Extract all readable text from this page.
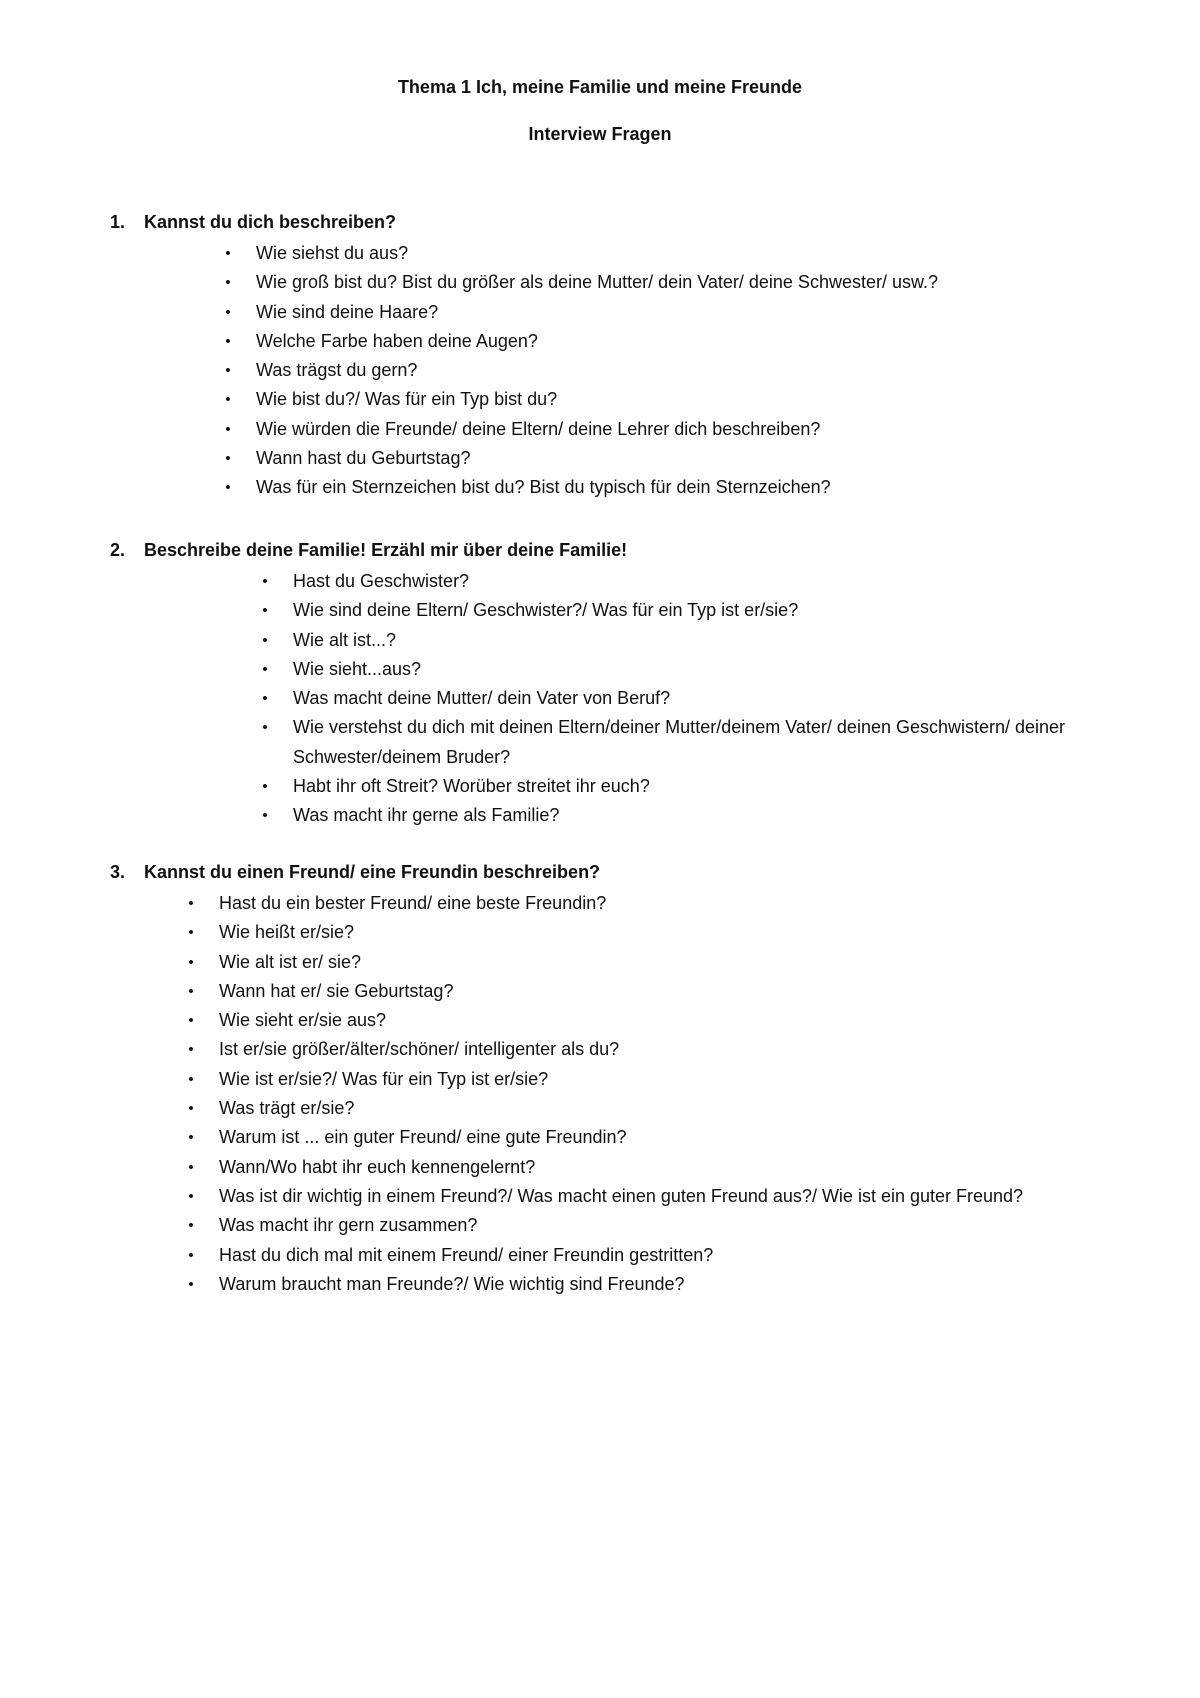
Thema 1 Ich, meine Familie und meine Freunde
Interview Fragen
1. Kannst du dich beschreiben?
•	Wie siehst du aus?
•	Wie groß bist du? Bist du größer als deine Mutter/ dein Vater/ deine Schwester/ usw.?
•	Wie sind deine Haare?
•	Welche Farbe haben deine Augen?
•	Was trägst du gern?
•	Wie bist du?/ Was für ein Typ bist du?
•	Wie würden die Freunde/ deine Eltern/ deine Lehrer dich beschreiben?
•	Wann hast du Geburtstag?
•	Was für ein Sternzeichen bist du? Bist du typisch für dein Sternzeichen?
2. Beschreibe deine Familie! Erzähl mir über deine Familie!
•	Hast du Geschwister?
•	Wie sind deine Eltern/ Geschwister?/ Was für ein Typ ist er/sie?
•	Wie alt ist...?
•	Wie sieht...aus?
•	Was macht deine Mutter/ dein Vater von Beruf?
•	Wie verstehst du dich mit deinen Eltern/deiner Mutter/deinem Vater/ deinen Geschwistern/ deiner Schwester/deinem Bruder?
•	Habt ihr oft Streit? Worüber streitet ihr euch?
•	Was macht ihr gerne als Familie?
3. Kannst du einen Freund/ eine Freundin beschreiben?
•	Hast du ein bester Freund/ eine beste Freundin?
•	Wie heißt er/sie?
•	Wie alt ist er/ sie?
•	Wann hat er/ sie Geburtstag?
•	Wie sieht er/sie aus?
•	Ist er/sie größer/älter/schöner/ intelligenter als du?
•	Wie ist er/sie?/ Was für ein Typ ist er/sie?
•	Was trägt er/sie?
•	Warum ist ... ein guter Freund/ eine gute Freundin?
•	Wann/Wo habt ihr euch kennengelernt?
•	Was ist dir wichtig in einem Freund?/ Was macht einen guten Freund aus?/ Wie ist ein guter Freund?
•	Was macht ihr gern zusammen?
•	Hast du dich mal mit einem Freund/ einer Freundin gestritten?
•	Warum braucht man Freunde?/ Wie wichtig sind Freunde?
